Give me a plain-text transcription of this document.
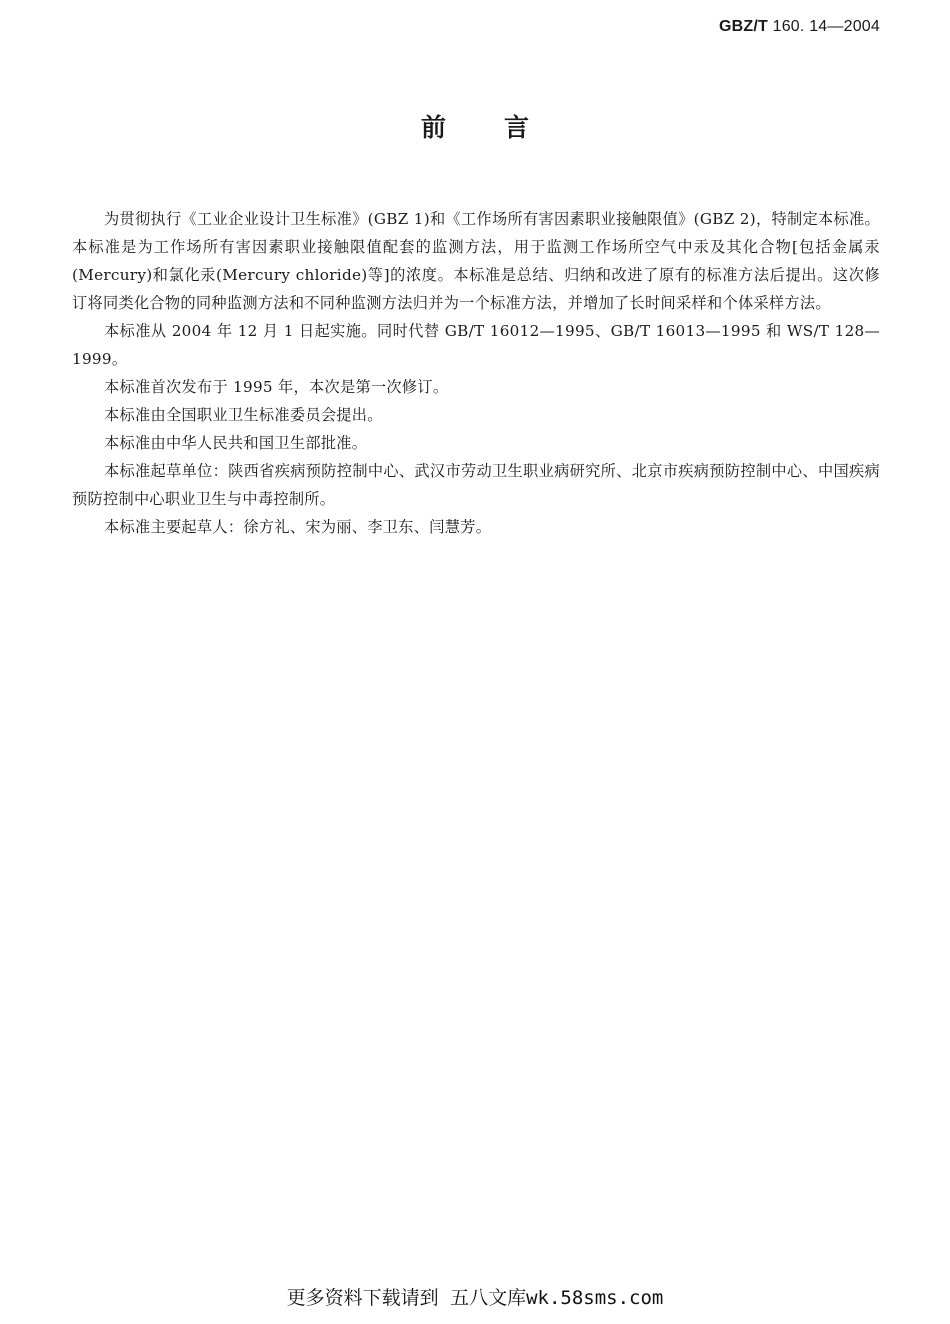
GBZ/T 160. 14—2004
前 言

为贯彻执行《工业企业设计卫生标准》(GBZ 1)和《工作场所有害因素职业接触限值》(GBZ 2)，特制定本标准。本标准是为工作场所有害因素职业接触限值配套的监测方法，用于监测工作场所空气中汞及其化合物[包括金属汞(Mercury)和氯化汞(Mercury chloride)等]的浓度。本标准是总结、归纳和改进了原有的标准方法后提出。这次修订将同类化合物的同种监测方法和不同种监测方法归并为一个标准方法，并增加了长时间采样和个体采样方法。

本标准从 2004 年 12 月 1 日起实施。同时代替 GB/T 16012—1995、GB/T 16013—1995 和 WS/T 128—1999。

本标准首次发布于 1995 年，本次是第一次修订。

本标准由全国职业卫生标准委员会提出。

本标准由中华人民共和国卫生部批准。

本标准起草单位：陕西省疾病预防控制中心、武汉市劳动卫生职业病研究所、北京市疾病预防控制中心、中国疾病预防控制中心职业卫生与中毒控制所。

本标准主要起草人：徐方礼、宋为丽、李卫东、闫慧芳。

更多资料下载请到 五八文库wk.58sms.com
